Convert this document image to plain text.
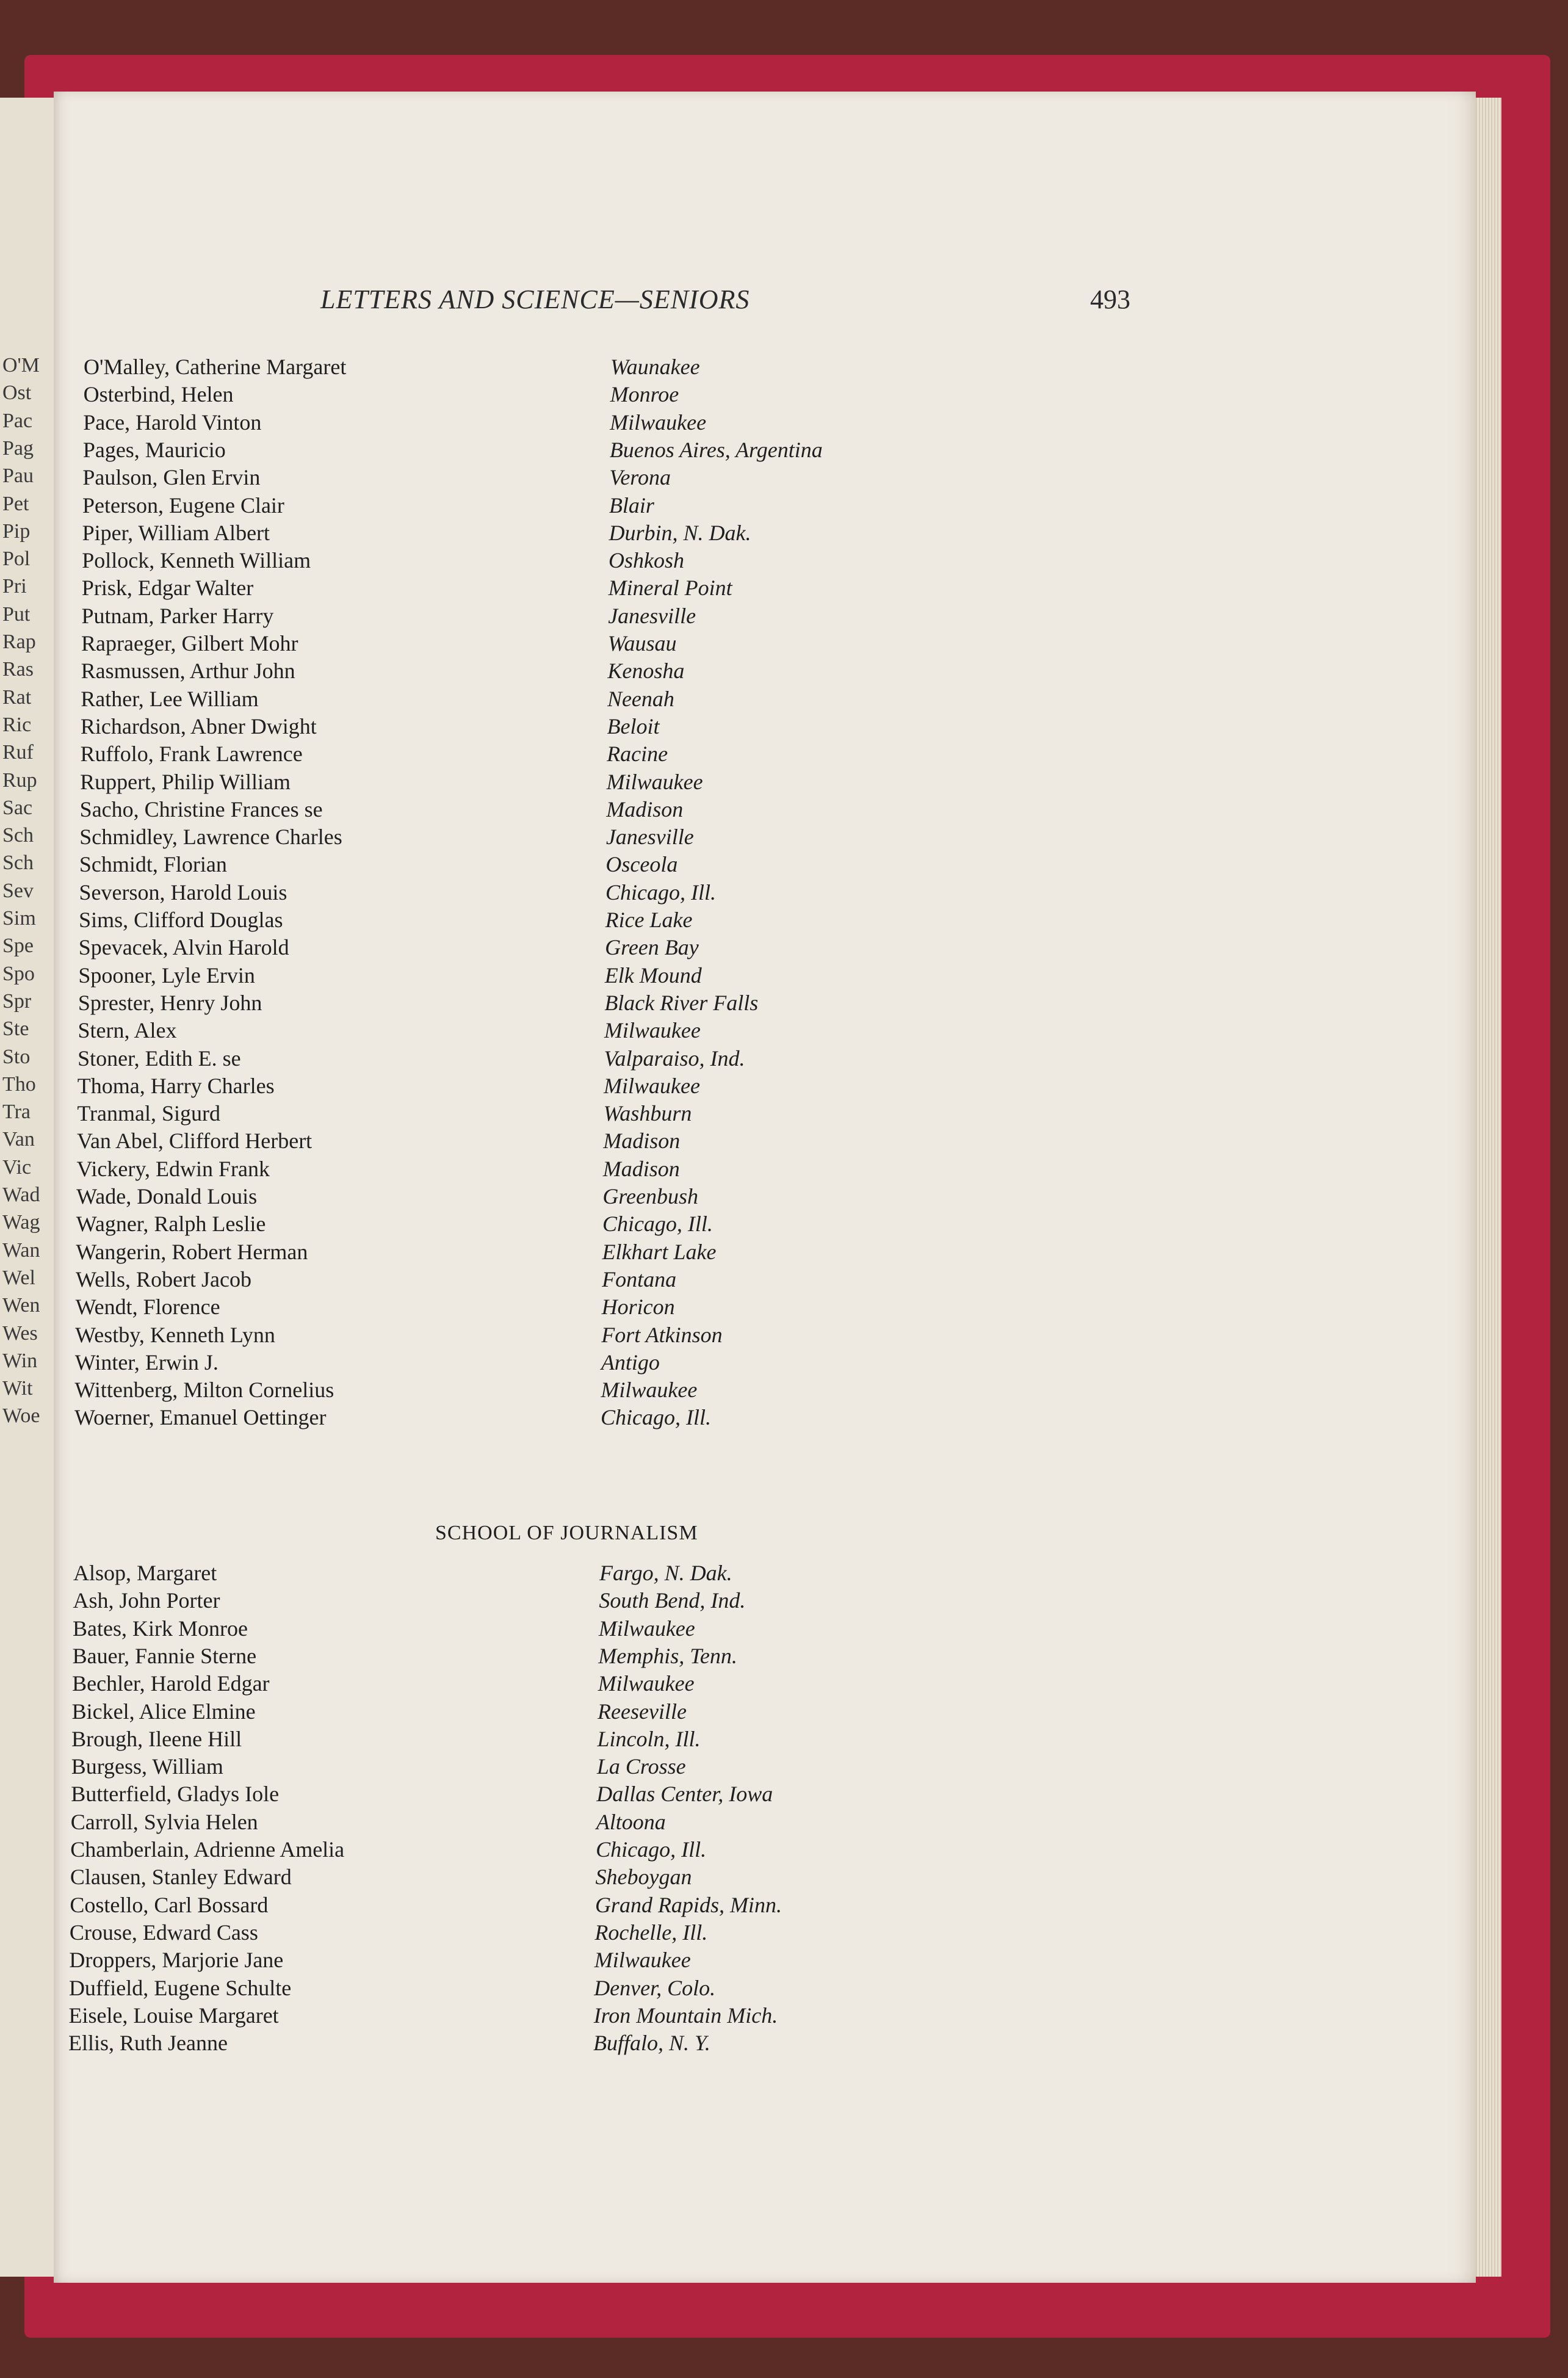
O'M
Ost
Pac
Pag
Pau
Pet
Pip
Pol
Pri
Put
Rap
Ras
Rat
Ric
Ruf
Rup
Sac
Sch
Sch
Sev
Sim
Spe
Spo
Spr
Ste
Sto
Tho
Tra
Van
Vic
Wad
Wag
Wan
Wel
Wen
Wes
Win
Wit
Woe
LETTERS AND SCIENCE—SENIORS	493
O'Malley, Catherine Margaret	Waunakee
Osterbind, Helen	Monroe
Pace, Harold Vinton	Milwaukee
Pages, Mauricio	Buenos Aires, Argentina
Paulson, Glen Ervin	Verona
Peterson, Eugene Clair	Blair
Piper, William Albert	Durbin, N. Dak.
Pollock, Kenneth William	Oshkosh
Prisk, Edgar Walter	Mineral Point
Putnam, Parker Harry	Janesville
Rapraeger, Gilbert Mohr	Wausau
Rasmussen, Arthur John	Kenosha
Rather, Lee William	Neenah
Richardson, Abner Dwight	Beloit
Ruffolo, Frank Lawrence	Racine
Ruppert, Philip William	Milwaukee
Sacho, Christine Frances se	Madison
Schmidley, Lawrence Charles	Janesville
Schmidt, Florian	Osceola
Severson, Harold Louis	Chicago, Ill.
Sims, Clifford Douglas	Rice Lake
Spevacek, Alvin Harold	Green Bay
Spooner, Lyle Ervin	Elk Mound
Sprester, Henry John	Black River Falls
Stern, Alex	Milwaukee
Stoner, Edith E. se	Valparaiso, Ind.
Thoma, Harry Charles	Milwaukee
Tranmal, Sigurd	Washburn
Van Abel, Clifford Herbert	Madison
Vickery, Edwin Frank	Madison
Wade, Donald Louis	Greenbush
Wagner, Ralph Leslie	Chicago, Ill.
Wangerin, Robert Herman	Elkhart Lake
Wells, Robert Jacob	Fontana
Wendt, Florence	Horicon
Westby, Kenneth Lynn	Fort Atkinson
Winter, Erwin J.	Antigo
Wittenberg, Milton Cornelius	Milwaukee
Woerner, Emanuel Oettinger	Chicago, Ill.
SCHOOL OF JOURNALISM
Alsop, Margaret	Fargo, N. Dak.
Ash, John Porter	South Bend, Ind.
Bates, Kirk Monroe	Milwaukee
Bauer, Fannie Sterne	Memphis, Tenn.
Bechler, Harold Edgar	Milwaukee
Bickel, Alice Elmine	Reeseville
Brough, Ileene Hill	Lincoln, Ill.
Burgess, William	La Crosse
Butterfield, Gladys Iole	Dallas Center, Iowa
Carroll, Sylvia Helen	Altoona
Chamberlain, Adrienne Amelia	Chicago, Ill.
Clausen, Stanley Edward	Sheboygan
Costello, Carl Bossard	Grand Rapids, Minn.
Crouse, Edward Cass	Rochelle, Ill.
Droppers, Marjorie Jane	Milwaukee
Duffield, Eugene Schulte	Denver, Colo.
Eisele, Louise Margaret	Iron Mountain Mich.
Ellis, Ruth Jeanne	Buffalo, N. Y.
